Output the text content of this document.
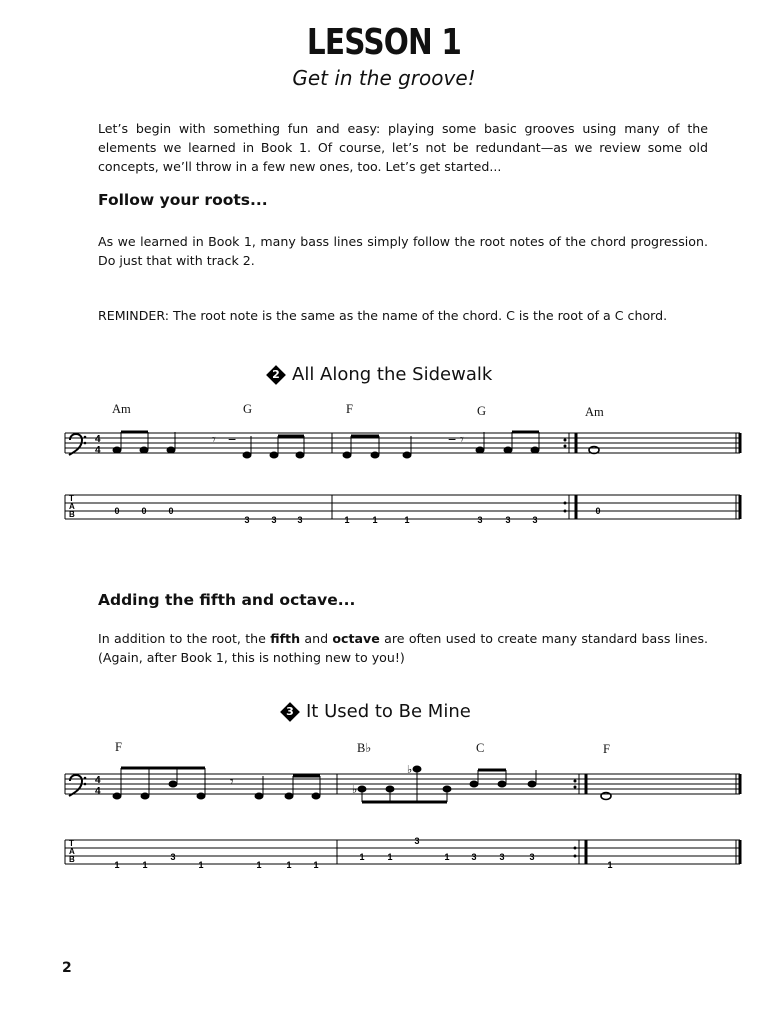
LESSON 1
Get in the groove!
Let’s begin with something fun and easy: playing some basic grooves using many of the elements we learned in Book 1. Of course, let’s not be redundant—as we review some old concepts, we’ll throw in a few new ones, too. Let’s get started...
Follow your roots...
As we learned in Book 1, many bass lines simply follow the root notes of the chord progression. Do just that with track 2.
REMINDER: The root note is the same as the name of the chord. C is the root of a C chord.
2 All Along the Sidewalk
Am	G	F	G	Am
4
4
𝄾 −	− 𝄾
T
A
B	0 0 0
3 3 3	1	1	1	3	3 3
0
Adding the fifth and octave...
In addition to the root, the fifth and octave are often used to create many standard bass lines. (Again, after Book 1, this is nothing new to you!)
3 It Used to Be Mine
F	B♭	C	F
4
4	♭
♭
𝄾
T
A
B
1	1
3
1	1	1 1
1	1
3
1 3	3	3
1
2
